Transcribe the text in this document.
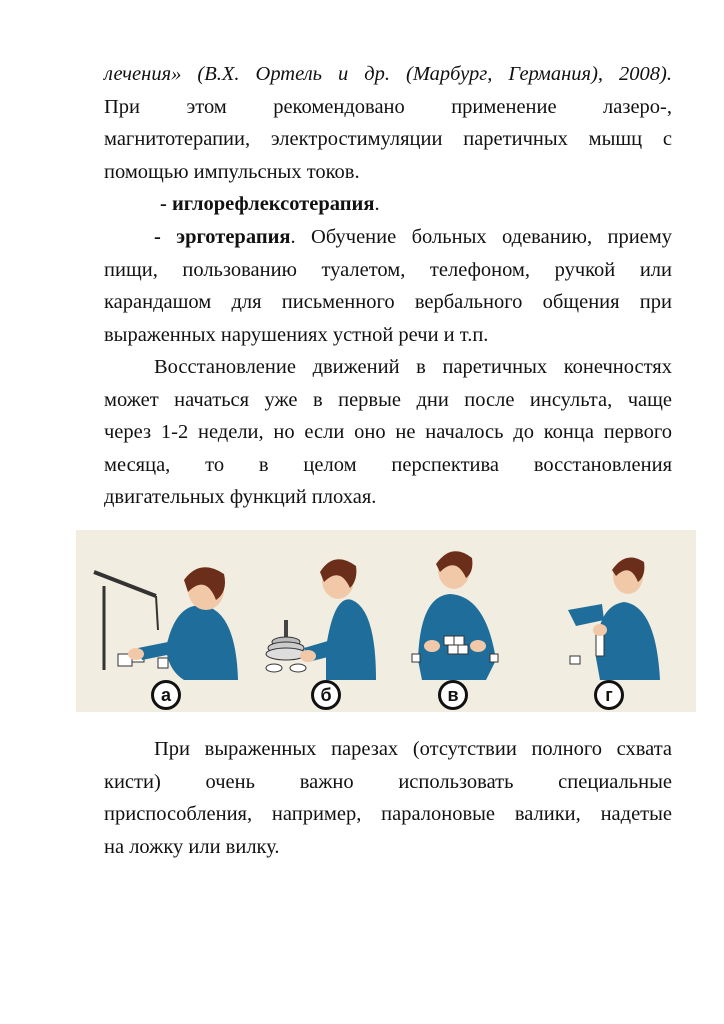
лечения» (В.Х. Ортель и др. (Марбург, Германия), 2008).
При этом рекомендовано применение лазеро-,
магнитотерапии, электростимуляции паретичных мышц с
помощью импульсных токов.
- иглорефлексотерапия.
- эрготерапия. Обучение больных одеванию, приему
пищи, пользованию туалетом, телефоном, ручкой или
карандашом для письменного вербального общения при
выраженных нарушениях устной речи и т.п.
Восстановление движений в паретичных конечностях
может начаться уже в первые дни после инсульта, чаще
через 1-2 недели, но если оно не началось до конца первого
месяца, то в целом перспектива восстановления
двигательных функций плохая.
а	б	в	г
При выраженных парезах (отсутствии полного схвата
кисти) очень важно использовать специальные
приспособления, например, паралоновые валики, надетые
на ложку или вилку.
